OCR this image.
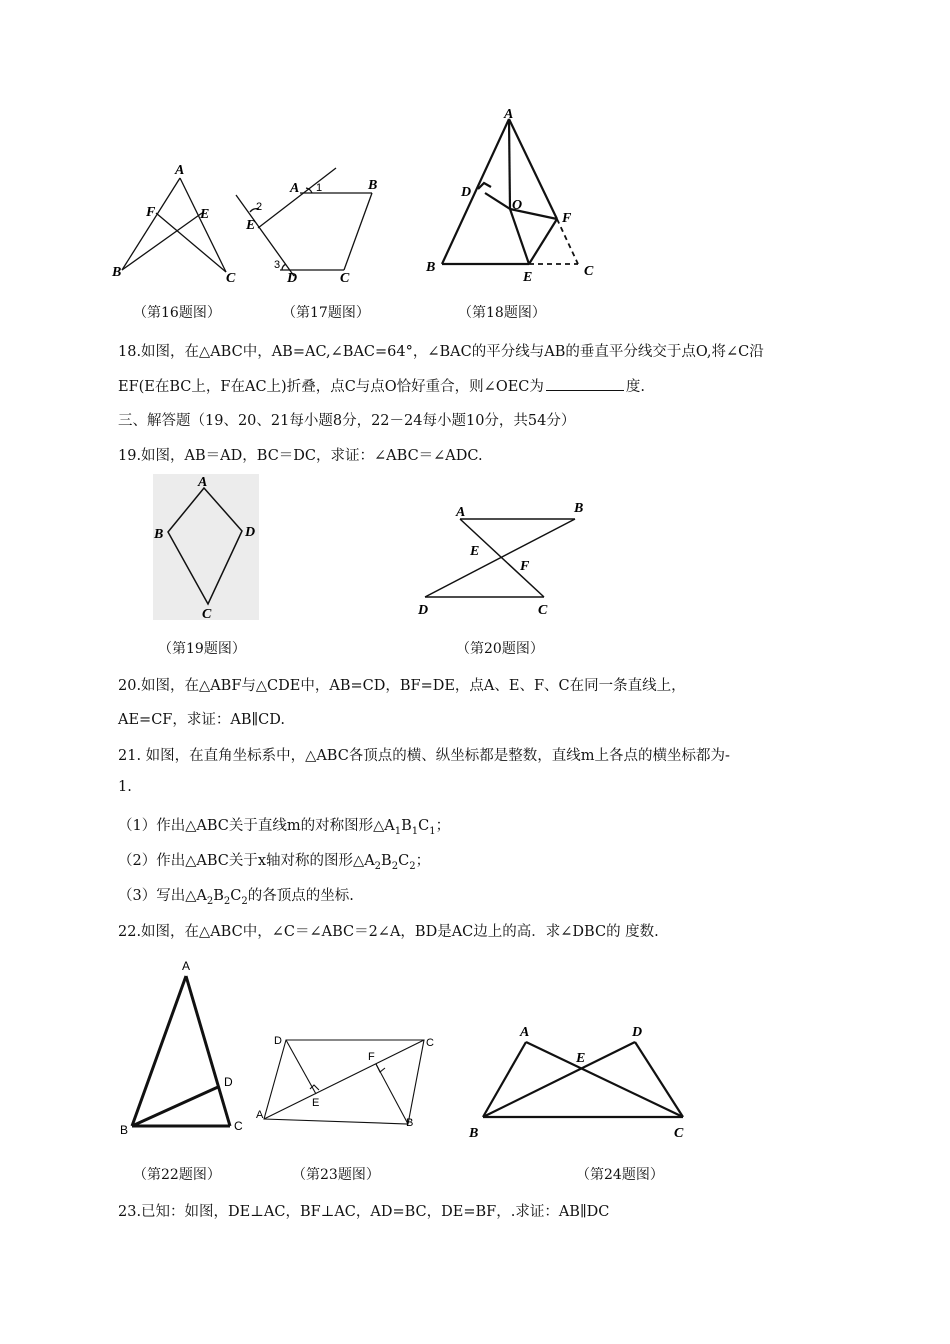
A
F	E
B	C
（第16题图）
A 1	B
2
E
3
D	C
（第17题图）
A
D
O
F
B
E	C
（第18题图）
18.如图，在△ABC中，AB=AC,∠BAC=64°，∠BAC的平分线与AB的垂直平分线交于点O,将∠C沿
EF(E在BC上，F在AC上)折叠，点C与点O恰好重合，则∠OEC为	度.
三、解答题（19、20、21每小题8分，22－24每小题10分，共54分）
19.如图，AB＝AD，BC＝DC，求证：∠ABC＝∠ADC.
A
B	D
C
（第19题图）
A	B
E
F
D	C
（第20题图）
20.如图，在△ABF与△CDE中，AB=CD，BF=DE，点A、E、F、C在同一条直线上，
AE=CF，求证：AB∥CD.
21. 如图，在直角坐标系中，△ABC各顶点的横、纵坐标都是整数，直线m上各点的横坐标都为-
1.
（1）作出△ABC关于直线m的对称图形$\triangle A_1B_1C_1$；
（2）作出△ABC关于x轴对称的图形$\triangle A_2B_2C_2$；
（3）写出$\triangle A_2B_2C_2$的各顶点的坐标.
22.如图，在△ABC中，∠C＝∠ABC＝2∠A，BD是AC边上的高．求∠DBC的 度数.
A
D
B	C
（第22题图）
D	C
F
E
A
B
（第23题图）
A	D
E
B	C
（第24题图）
23.已知：如图，DE⊥AC，BF⊥AC，AD=BC，DE=BF，.求证：AB∥DC
